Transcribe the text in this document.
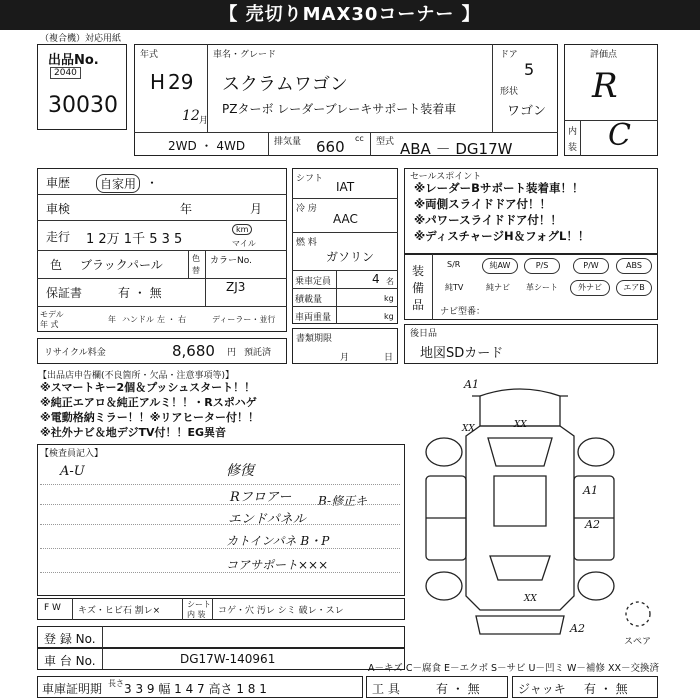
【 売切りMAX30コーナー 】
（複合機）対応用紙
出品No.
2040
30030
年式
H 29
12 月
車名・グレード
スクラムワゴン
PZターボ レーダーブレーキサポート装着車
ドア
5
形状
ワゴン
2WD ・ 4WD	排気量	cc
660	型式 ABA － DG17W
評価点
R
内
装 C
車歴	自家用 ・
車検	年	月
走行 1 2万 1千 5 3 5
km
マイル
色 ブラックパール	色
替
カラーNo.
ZJ3
保証書	有 ・ 無
モデル
年 式
年 ハンドル 左 ・ 右	ディーラー・並行
リサイクル料金	8,680 円 預託済
シフト
IAT
冷 房
AAC
燃 料
ガソリン
乗車定員	4 名
積載量	kg
車両重量	kg
書類期限
月	日
セールスポイント
※レーダーBサポート装着車！！
※両側スライドドア付！！
※パワースライドドア付！！
※ディスチャージH＆フォグL！！
装
備
品
S/R	純AW	P/S	P/W	ABS
純TV	純ナビ 革シート	外ナビ	エアB
ナビ型番：
後日品
地図SDカード
【出品店申告欄(不良箇所・欠品・注意事項等)】
※スマートキー2個＆プッシュスタート！！
※純正エアロ＆純正アルミ！！・Rスポハゲ
※電動格納ミラー！！※リアヒーター付！！
※社外ナビ＆地デジTV付！！EG異音
【検査員記入】
A-U	修復
Rフロアー
エンドパネル
B-修正キ
カトインパネ B・P
コアサポート×××
A1
XX	XX
A1
A2
XX
A2
スペア
F W キズ・ヒビ石 割レ×
シート
内 装 コゲ・穴 汚レ シミ 破レ・スレ
登 録 No.
車 台 No.	DG17W-140961
A－キズ C－腐食 E－エクボ S－サビ U－凹ミ W－補修 XX－交換済
車庫証明期 長さ 3 3 9 幅 1 4 7 高さ 1 8 1	工 具	有 ・ 無	ジャッキ 有 ・ 無
